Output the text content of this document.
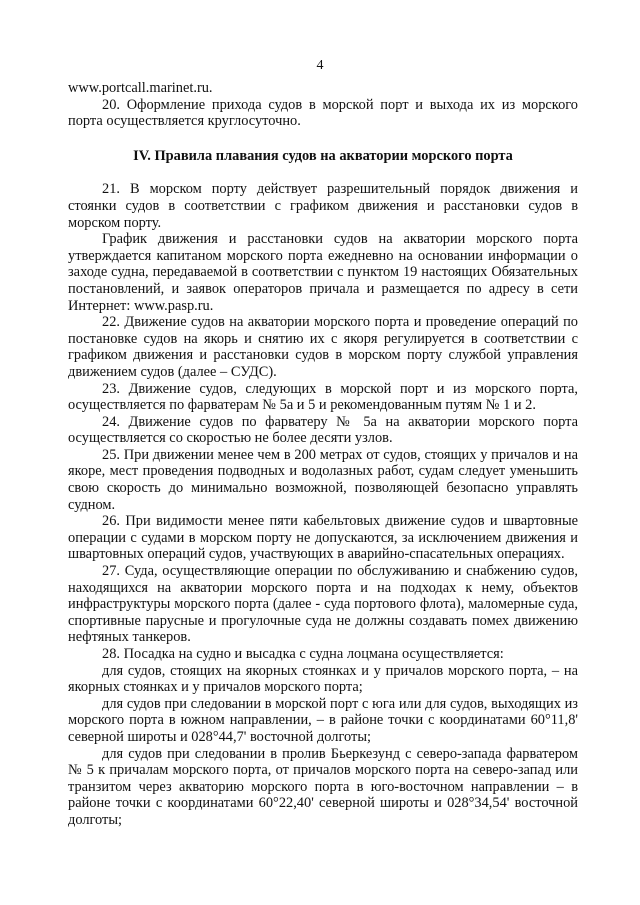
4

www.portcall.marinet.ru.

20. Оформление прихода судов в морской порт и выхода их из морского порта осуществляется круглосуточно.

IV. Правила плавания судов на акватории морского порта

21. В морском порту действует разрешительный порядок движения и стоянки судов в соответствии с графиком движения и расстановки судов в морском порту.

График движения и расстановки судов на акватории морского порта утверждается капитаном морского порта ежедневно на основании информации о заходе судна, передаваемой в соответствии с пунктом 19 настоящих Обязательных постановлений, и заявок операторов причала и размещается по адресу в сети Интернет: www.pasp.ru.

22. Движение судов на акватории морского порта и проведение операций по постановке судов на якорь и снятию их с якоря регулируется в соответствии с графиком движения и расстановки судов в морском порту службой управления движением судов (далее – СУДС).

23. Движение судов, следующих в морской порт и из морского порта, осуществляется по фарватерам № 5а и 5 и рекомендованным путям № 1 и 2.

24. Движение судов по фарватеру № 5а на акватории морского порта осуществляется со скоростью не более десяти узлов.

25. При движении менее чем в 200 метрах от судов, стоящих у причалов и на якоре, мест проведения подводных и водолазных работ, судам следует уменьшить свою скорость до минимально возможной, позволяющей безопасно управлять судном.

26. При видимости менее пяти кабельтовых движение судов и швартовные операции с судами в морском порту не допускаются, за исключением движения и швартовных операций судов, участвующих в аварийно-спасательных операциях.

27. Суда, осуществляющие операции по обслуживанию и снабжению судов, находящихся на акватории морского порта и на подходах к нему, объектов инфраструктуры морского порта (далее - суда портового флота), маломерные суда, спортивные парусные и прогулочные суда не должны создавать помех движению нефтяных танкеров.

28. Посадка на судно и высадка с судна лоцмана осуществляется:

для судов, стоящих на якорных стоянках и у причалов морского порта, – на якорных стоянках и у причалов морского порта;

для судов при следовании в морской порт с юга или для судов, выходящих из морского порта в южном направлении, – в районе точки с координатами 60°11,8' северной широты и 028°44,7' восточной долготы;

для судов при следовании в пролив Бьеркезунд с северо-запада фарватером № 5 к причалам морского порта, от причалов морского порта на северо-запад или транзитом через акваторию морского порта в юго-восточном направлении – в районе точки с координатами 60°22,40' северной широты и 028°34,54' восточной долготы;
